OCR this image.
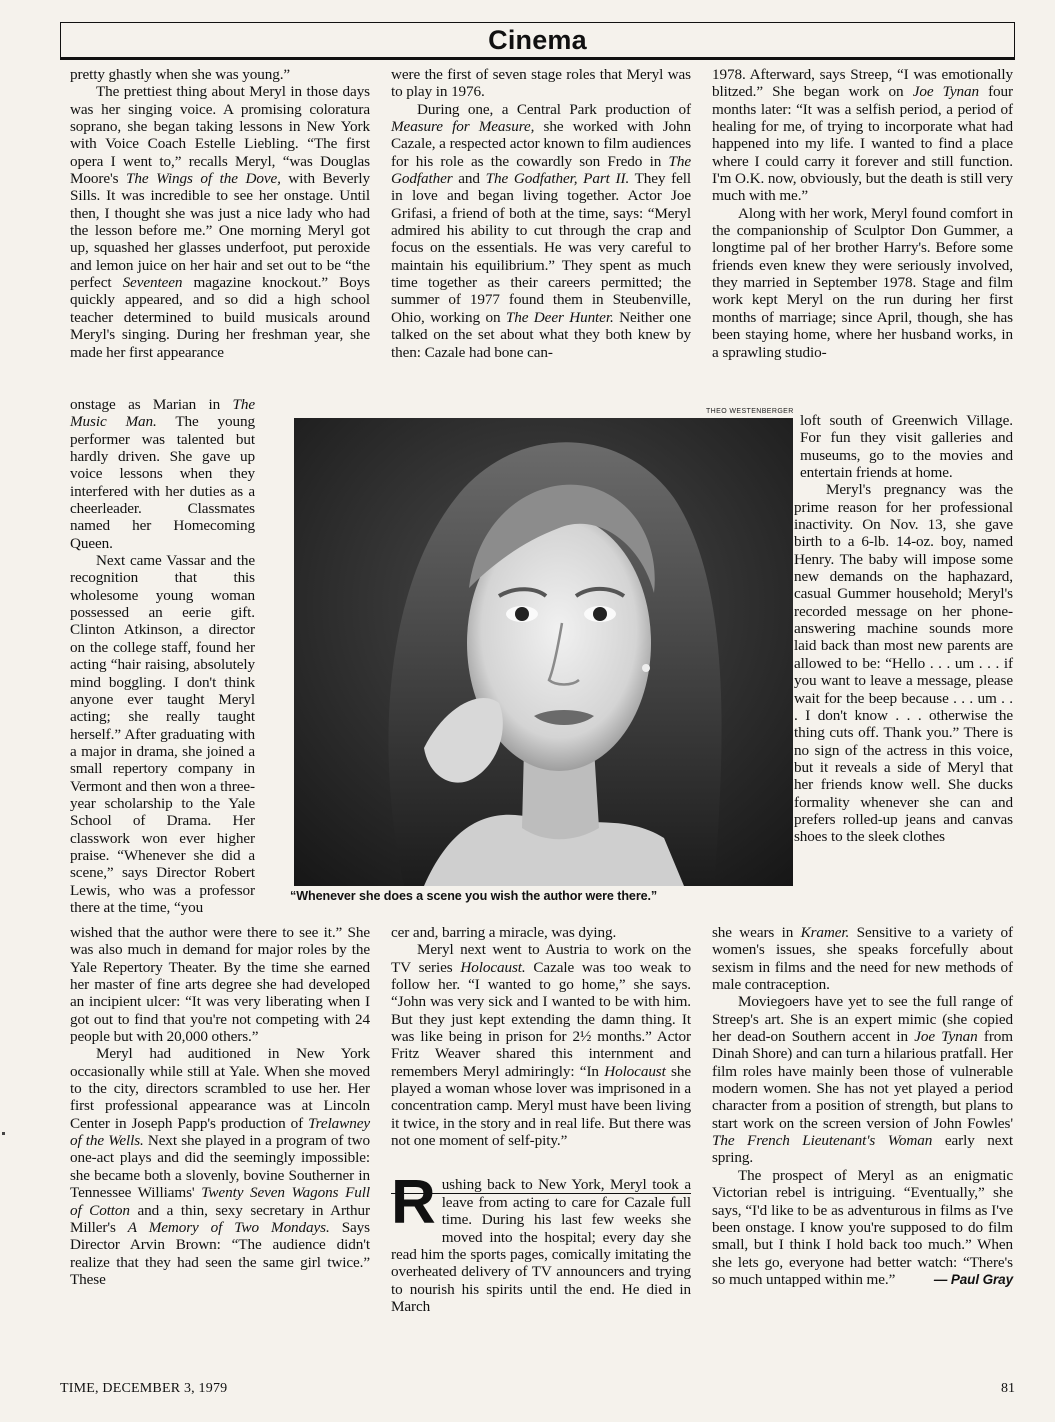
Cinema

pretty ghastly when she was young.”

The prettiest thing about Meryl in those days was her singing voice. A promising coloratura soprano, she began taking lessons in New York with Voice Coach Estelle Liebling. “The first opera I went to,” recalls Meryl, “was Douglas Moore's The Wings of the Dove, with Beverly Sills. It was incredible to see her onstage. Until then, I thought she was just a nice lady who had the lesson before me.” One morning Meryl got up, squashed her glasses underfoot, put peroxide and lemon juice on her hair and set out to be “the perfect Seventeen magazine knockout.” Boys quickly appeared, and so did a high school teacher determined to build musicals around Meryl's singing. During her freshman year, she made her first appearance

onstage as Marian in The Music Man. The young performer was talented but hardly driven. She gave up voice lessons when they interfered with her duties as a cheerleader. Classmates named her Homecoming Queen.

Next came Vassar and the recognition that this wholesome young woman possessed an eerie gift. Clinton Atkinson, a director on the college staff, found her acting “hair raising, absolutely mind boggling. I don't think anyone ever taught Meryl acting; she really taught herself.” After graduating with a major in drama, she joined a small repertory company in Vermont and then won a three-year scholarship to the Yale School of Drama. Her classwork won ever higher praise. “Whenever she did a scene,” says Director Robert Lewis, who was a professor there at the time, “you

wished that the author were there to see it.” She was also much in demand for major roles by the Yale Repertory Theater. By the time she earned her master of fine arts degree she had developed an incipient ulcer: “It was very liberating when I got out to find that you're not competing with 24 people but with 20,000 others.”

Meryl had auditioned in New York occasionally while still at Yale. When she moved to the city, directors scrambled to use her. Her first professional appearance was at Lincoln Center in Joseph Papp's production of Trelawney of the Wells. Next she played in a program of two one-act plays and did the seemingly impossible: she became both a slovenly, bovine Southerner in Tennessee Williams' Twenty Seven Wagons Full of Cotton and a thin, sexy secretary in Arthur Miller's A Memory of Two Mondays. Says Director Arvin Brown: “The audience didn't realize that they had seen the same girl twice.” These

were the first of seven stage roles that Meryl was to play in 1976.

During one, a Central Park production of Measure for Measure, she worked with John Cazale, a respected actor known to film audiences for his role as the cowardly son Fredo in The Godfather and The Godfather, Part II. They fell in love and began living together. Actor Joe Grifasi, a friend of both at the time, says: “Meryl admired his ability to cut through the crap and focus on the essentials. He was very careful to maintain his equilibrium.” They spent as much time together as their careers permitted; the summer of 1977 found them in Steubenville, Ohio, working on The Deer Hunter. Neither one talked on the set about what they both knew by then: Cazale had bone can-

cer and, barring a miracle, was dying.

Meryl next went to Austria to work on the TV series Holocaust. Cazale was too weak to follow her. “I wanted to go home,” she says. “John was very sick and I wanted to be with him. But they just kept extending the damn thing. It was like being in prison for 2½ months.” Actor Fritz Weaver shared this internment and remembers Meryl admiringly: “In Holocaust she played a woman whose lover was imprisoned in a concentration camp. Meryl must have been living it twice, in the story and in real life. But there was not one moment of self-pity.”

Rushing back to New York, Meryl took a leave from acting to care for Cazale full time. During his last few weeks she moved into the hospital; every day she read him the sports pages, comically imitating the overheated delivery of TV announcers and trying to nourish his spirits until the end. He died in March

1978. Afterward, says Streep, “I was emotionally blitzed.” She began work on Joe Tynan four months later: “It was a selfish period, a period of healing for me, of trying to incorporate what had happened into my life. I wanted to find a place where I could carry it forever and still function. I'm O.K. now, obviously, but the death is still very much with me.”

Along with her work, Meryl found comfort in the companionship of Sculptor Don Gummer, a longtime pal of her brother Harry's. Before some friends even knew they were seriously involved, they married in September 1978. Stage and film work kept Meryl on the run during her first months of marriage; since April, though, she has been staying home, where her husband works, in a sprawling studio-

loft south of Greenwich Village. For fun they visit galleries and museums, go to the movies and entertain friends at home.

Meryl's pregnancy was the prime reason for her professional inactivity. On Nov. 13, she gave birth to a 6-lb. 14-oz. boy, named Henry. The baby will impose some new demands on the haphazard, casual Gummer household; Meryl's recorded message on her phone-answering machine sounds more laid back than most new parents are allowed to be: “Hello . . . um . . . if you want to leave a message, please wait for the beep because . . . um . . . I don't know . . . otherwise the thing cuts off. Thank you.” There is no sign of the actress in this voice, but it reveals a side of Meryl that her friends know well. She ducks formality whenever she can and prefers rolled-up jeans and canvas shoes to the sleek clothes

she wears in Kramer. Sensitive to a variety of women's issues, she speaks forcefully about sexism in films and the need for new methods of male contraception.

Moviegoers have yet to see the full range of Streep's art. She is an expert mimic (she copied her dead-on Southern accent in Joe Tynan from Dinah Shore) and can turn a hilarious pratfall. Her film roles have mainly been those of vulnerable modern women. She has not yet played a period character from a position of strength, but plans to start work on the screen version of John Fowles' The French Lieutenant's Woman early next spring.

The prospect of Meryl as an enigmatic Victorian rebel is intriguing. “Eventually,” she says, “I'd like to be as adventurous in films as I've been onstage. I know you're supposed to do film small, but I think I hold back too much.” When she lets go, everyone had better watch: “There's so much untapped within me.”	— Paul Gray

THEO WESTENBERGER
“Whenever she does a scene you wish the author were there.”
TIME, DECEMBER 3, 1979	81
